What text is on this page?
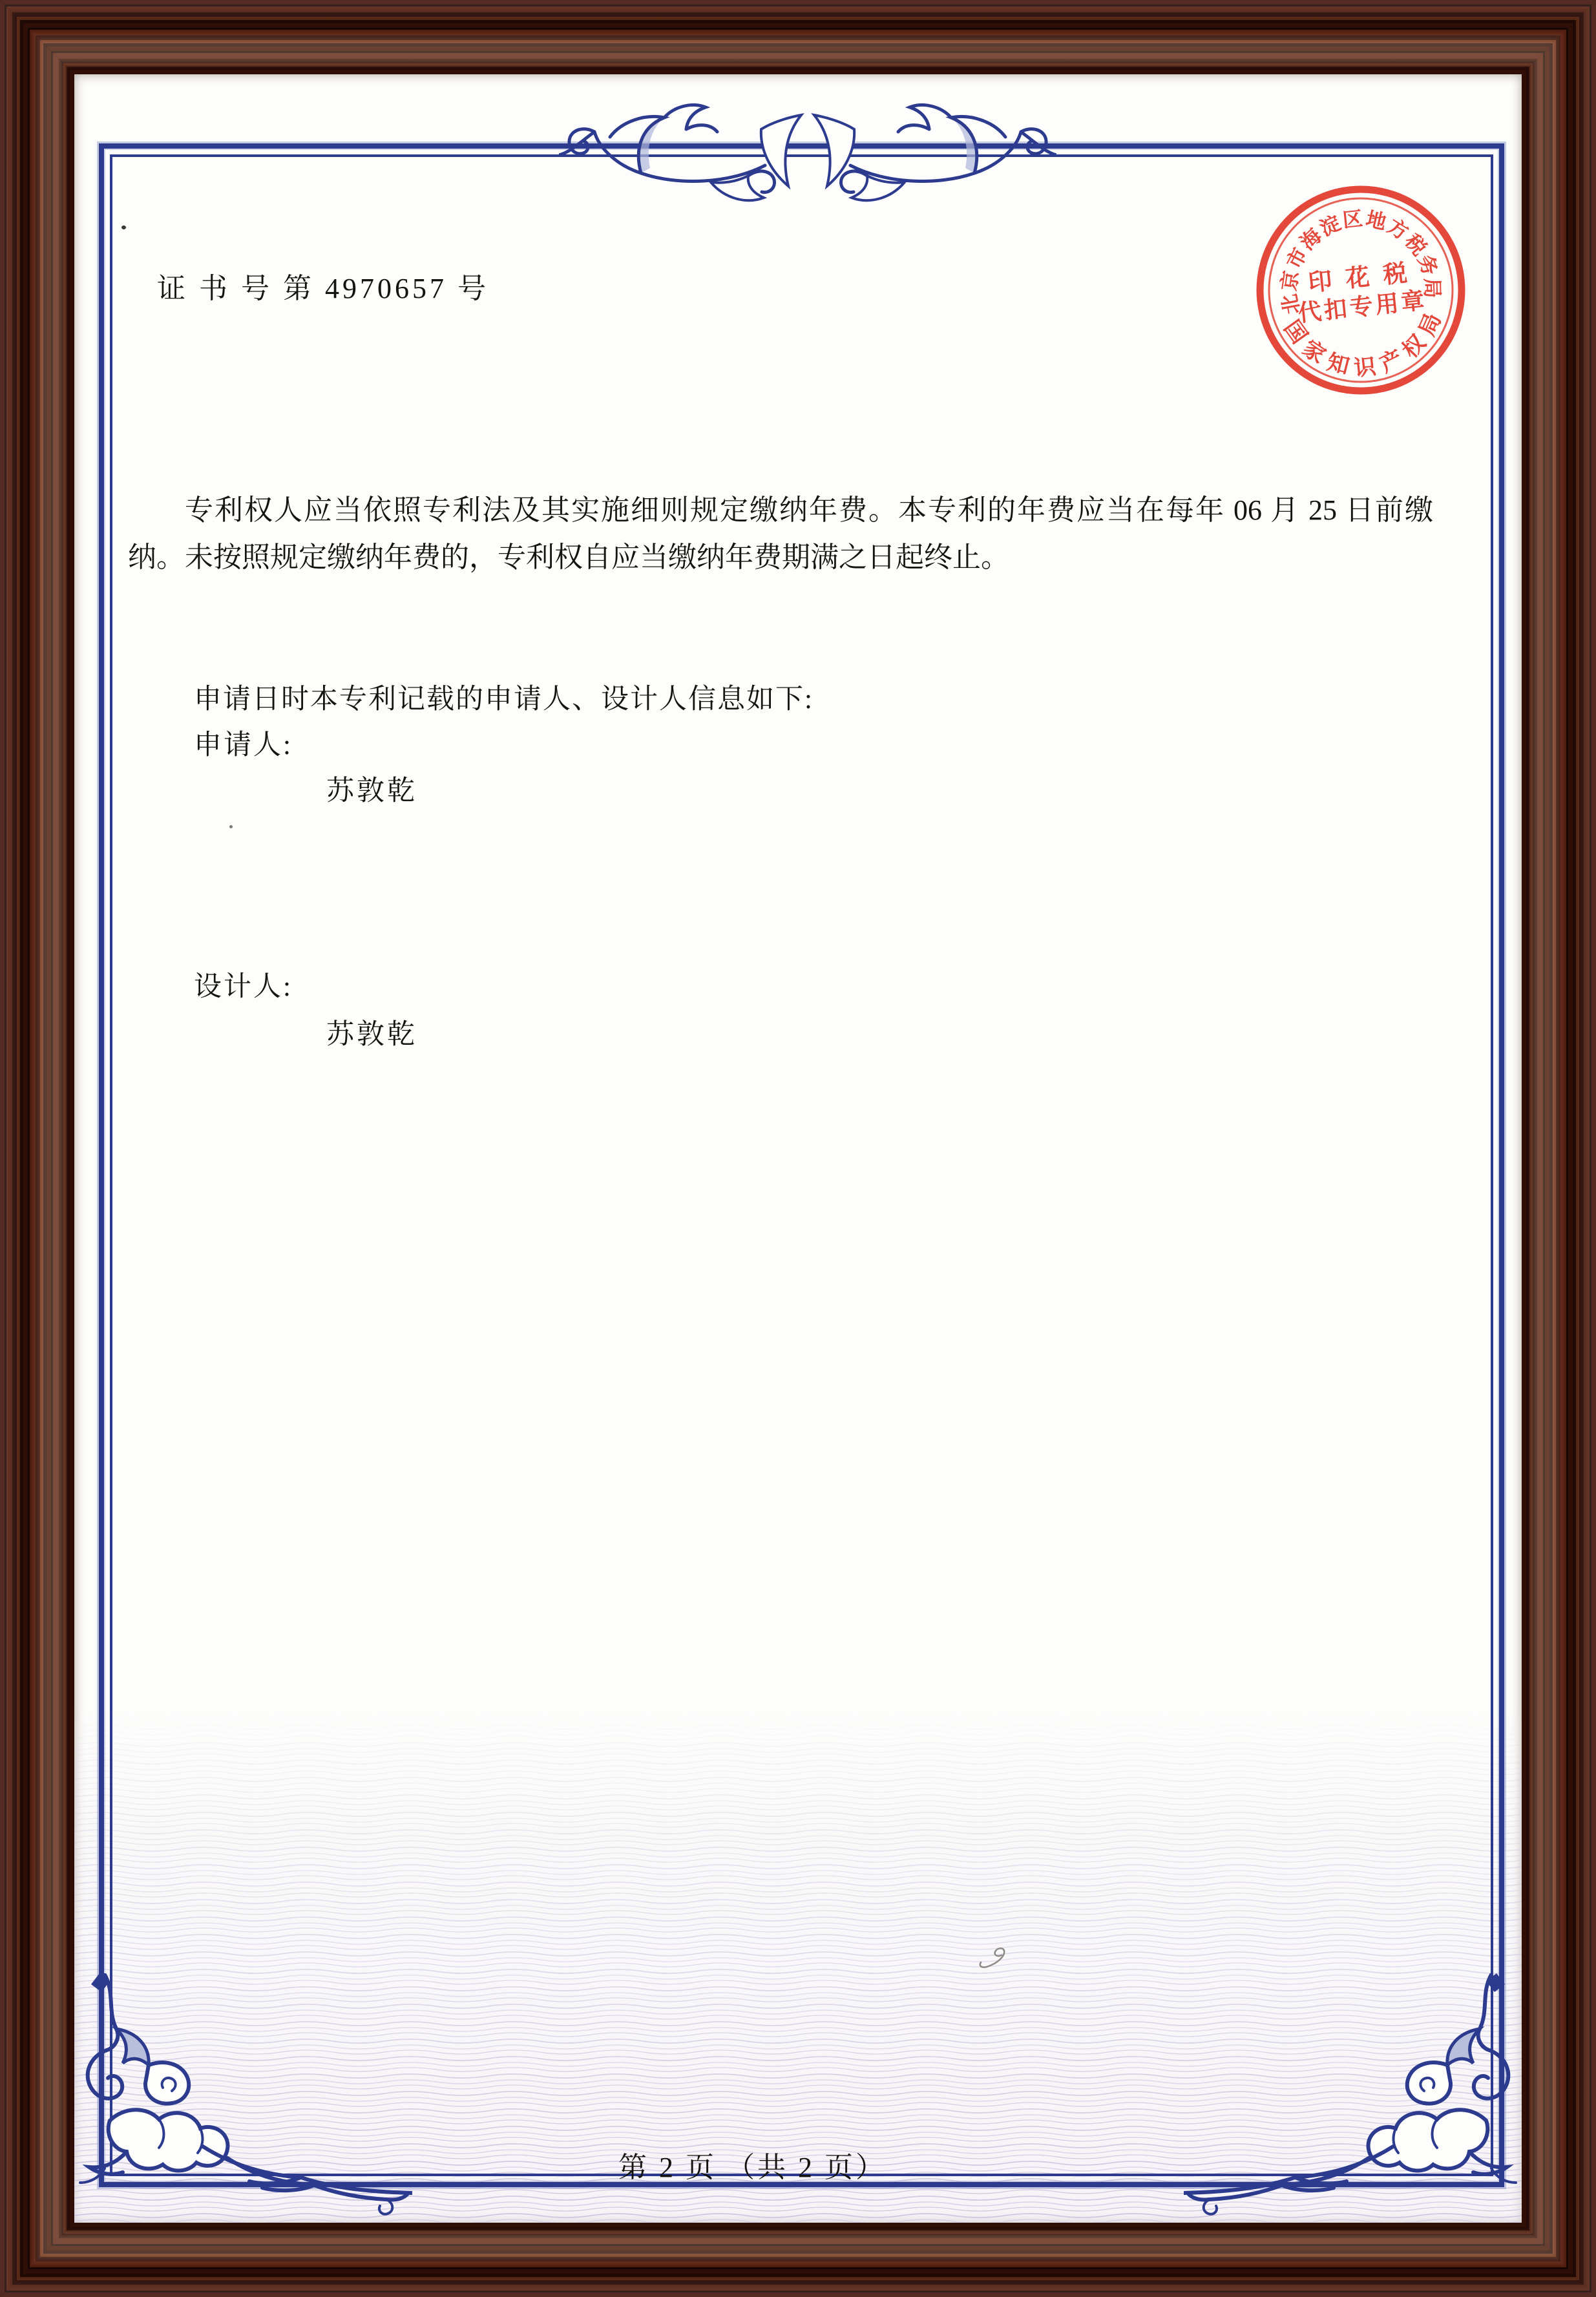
北京市海淀区地方税务局
国家知识产权局
印 花 税
代扣专用章
证 书 号 第 4970657 号
专利权人应当依照专利法及其实施细则规定缴纳年费。本专利的年费应当在每年 06 月 25 日前缴纳。未按照规定缴纳年费的，专利权自应当缴纳年费期满之日起终止。
申请日时本专利记载的申请人、设计人信息如下:
申请人:
苏敦乾
设计人:
苏敦乾
第 2 页 （共 2 页）
